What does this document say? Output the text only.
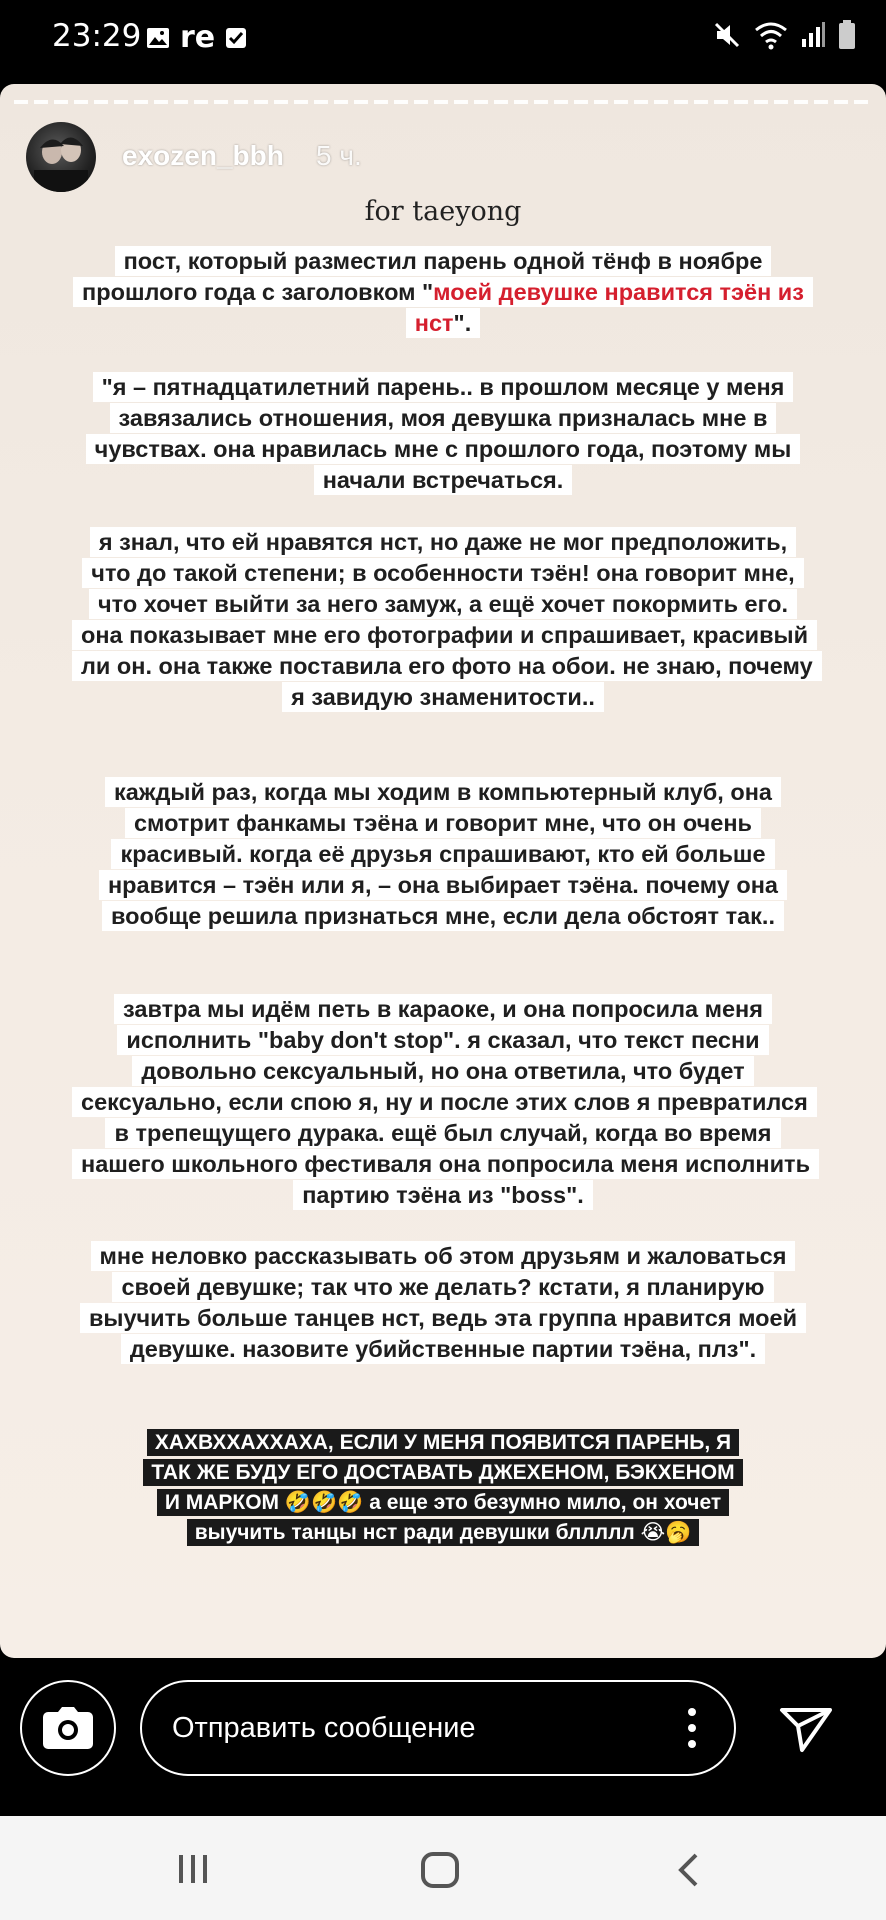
23:29 re
exozen_bbh 5 ч.
for taeyong
пост, который разместил парень одной тёнф в ноябре прошлого года с заголовком "моей девушке нравится тэён из нст".
"я – пятнадцатилетний парень.. в прошлом месяце у меня завязались отношения, моя девушка призналась мне в чувствах. она нравилась мне с прошлого года, поэтому мы начали встречаться.
я знал, что ей нравятся нст, но даже не мог предположить, что до такой степени; в особенности тэён! она говорит мне, что хочет выйти за него замуж, а ещё хочет покормить его. она показывает мне его фотографии и спрашивает, красивый ли он. она также поставила его фото на обои. не знаю, почему я завидую знаменитости..
каждый раз, когда мы ходим в компьютерный клуб, она смотрит фанкамы тэёна и говорит мне, что он очень красивый. когда её друзья спрашивают, кто ей больше нравится – тэён или я, – она выбирает тэёна. почему она вообще решила признаться мне, если дела обстоят так..
завтра мы идём петь в караоке, и она попросила меня исполнить "baby don't stop". я сказал, что текст песни довольно сексуальный, но она ответила, что будет сексуально, если спою я, ну и после этих слов я превратился в трепещущего дурака. ещё был случай, когда во время нашего школьного фестиваля она попросила меня исполнить партию тэёна из "boss".
мне неловко рассказывать об этом друзьям и жаловаться своей девушке; так что же делать? кстати, я планирую выучить больше танцев нст, ведь эта группа нравится моей девушке. назовите убийственные партии тэёна, плз".
ХАХВХХАХХАХА, ЕСЛИ У МЕНЯ ПОЯВИТСЯ ПАРЕНЬ, Я
ТАК ЖЕ БУДУ ЕГО ДОСТАВАТЬ ДЖЕХЕНОМ, БЭКХЕНОМ
И МАРКОМ 🤣🤣🤣 а еще это безумно мило, он хочет
выучить танцы нст ради девушки бллллл 😭🥱
Отправить сообщение
